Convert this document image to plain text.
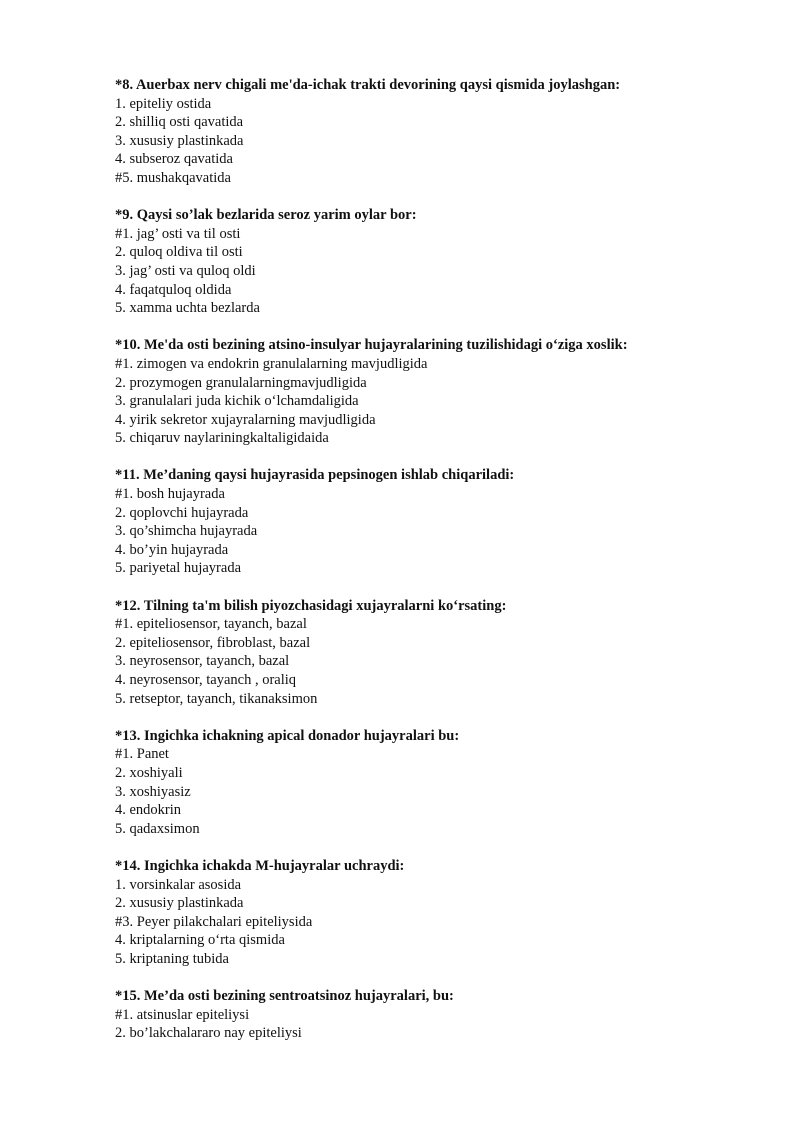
*8. Auerbax nerv chigali me'da-ichak trakti devorining qaysi qismida joylashgan:
1. epiteliy ostida
2. shilliq osti qavatida
3. xususiy plastinkada
4. subseroz qavatida
#5. mushakqavatida
*9. Qaysi so’lak bezlarida seroz yarim oylar bor:
#1. jag’ osti va til osti
2. quloq oldiva til osti
3. jag’ osti va quloq oldi
4. faqatquloq oldida
5. xamma uchta bezlarda
*10. Me'da osti bezining atsino-insulyar hujayralarining tuzilishidagi o‘ziga xoslik:
#1. zimogen va endokrin granulalarning mavjudligida
2. prozymogen granulalarningmavjudligida
3. granulalari juda kichik o‘lchamdaligida
4. yirik sekretor xujayralarning mavjudligida
5. chiqaruv naylariningkaltaligidaida
*11. Me’daning qaysi hujayrasida pepsinogen ishlab chiqariladi:
#1. bosh hujayrada
2. qoplovchi hujayrada
3. qo’shimcha hujayrada
4. bo’yin hujayrada
5. pariyetal hujayrada
*12. Tilning ta'm bilish piyozchasidagi xujayralarni ko‘rsating:
#1. epiteliosensor, tayanch, bazal
2. epiteliosensor, fibroblast, bazal
3. neyrosensor, tayanch, bazal
4. neyrosensor, tayanch , oraliq
5. retseptor, tayanch, tikanaksimon
*13. Ingichka ichakning apical donador hujayralari bu:
#1. Panet
2. xoshiyali
3. xoshiyasiz
4. endokrin
5. qadaxsimon
*14. Ingichka ichakda M-hujayralar uchraydi:
1. vorsinkalar asosida
2. xususiy plastinkada
#3. Peyer pilakchalari epiteliysida
4. kriptalarning o‘rta qismida
5. kriptaning tubida
*15. Me’da osti bezining sentroatsinoz hujayralari, bu:
#1. atsinuslar epiteliysi
2. bo’lakchalararo nay epiteliysi
